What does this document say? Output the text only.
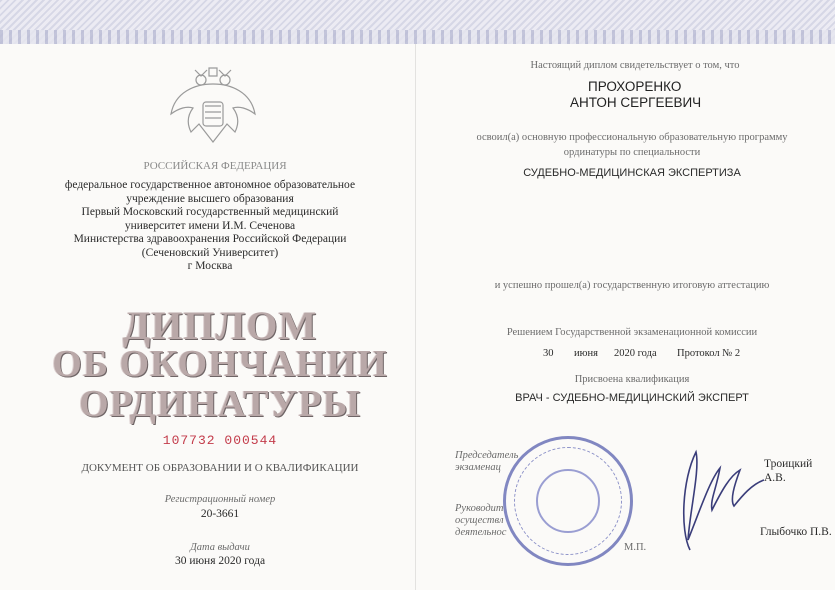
РОССИЙСКАЯ ФЕДЕРАЦИЯ
федеральное государственное автономное образовательное
учреждение высшего образования
Первый Московский государственный медицинский
университет имени И.М. Сеченова
Министерства здравоохранения Российской Федерации
(Сеченовский Университет)
г Москва
ДИПЛОМ
ОБ ОКОНЧАНИИ
ОРДИНАТУРЫ
107732 000544
ДОКУМЕНТ ОБ ОБРАЗОВАНИИ И О КВАЛИФИКАЦИИ
Регистрационный номер
20-3661
Дата выдачи
30 июня 2020 года
Настоящий диплом свидетельствует о том, что
ПРОХОРЕНКО
АНТОН СЕРГЕЕВИЧ
освоил(а) основную профессиональную образовательную программу
ординатуры по специальности
СУДЕБНО-МЕДИЦИНСКАЯ ЭКСПЕРТИЗА
и успешно прошел(а) государственную итоговую аттестацию
Решением Государственной экзаменационной комиссии
30 июня 2020 года Протокол № 2
Присвоена квалификация
ВРАЧ - СУДЕБНО-МЕДИЦИНСКИЙ ЭКСПЕРТ
Председатель
экзаменац
Руководит
осуществл
деятельнос
М.П.
Троицкий А.В.
Глыбочко П.В.
